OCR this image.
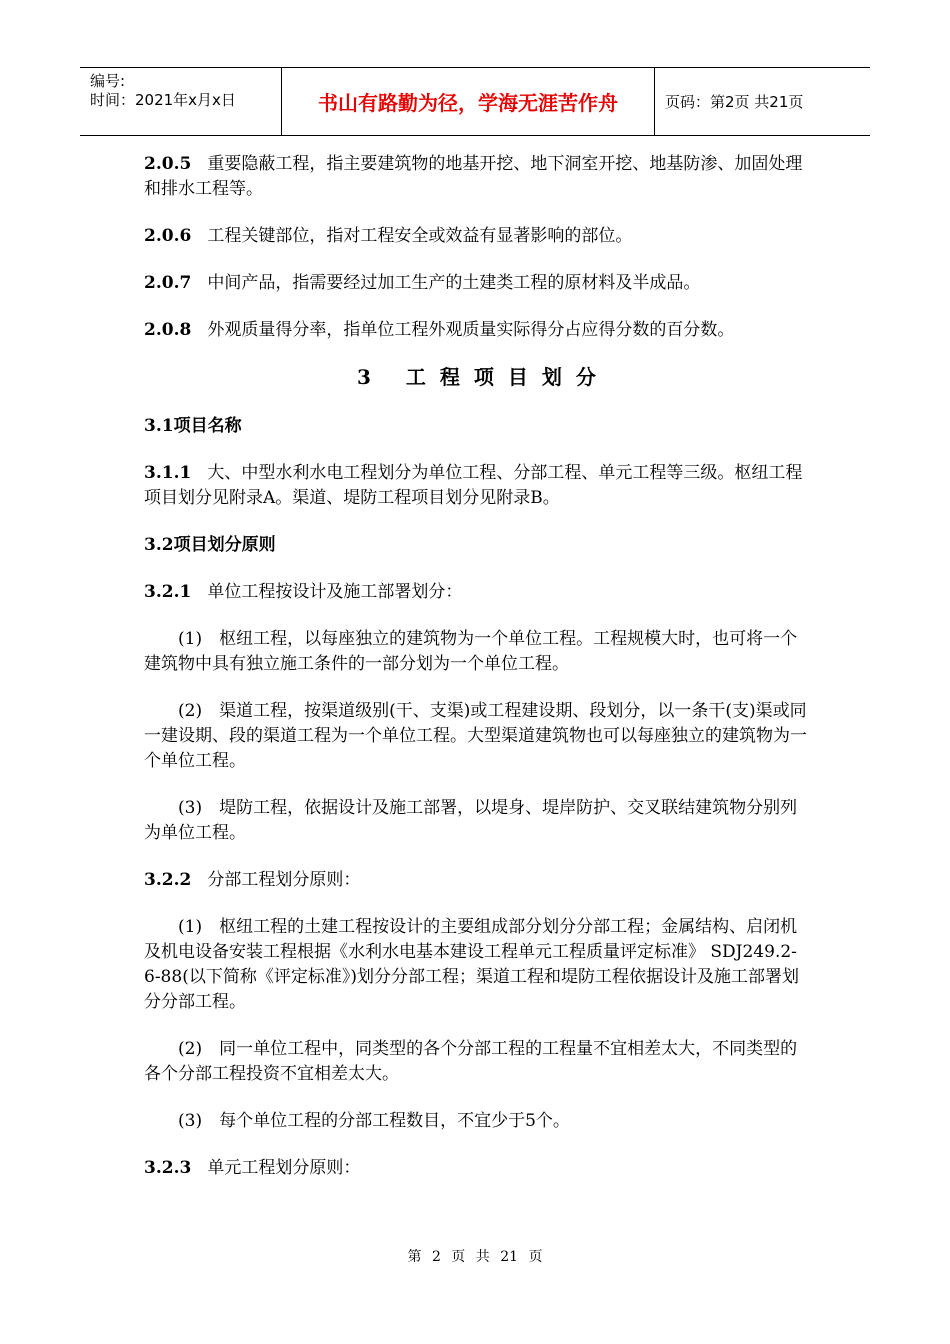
编号:
时间：2021年x月x日	书山有路勤为径，学海无涯苦作舟	页码：第2页 共21页

2.0.5 重要隐蔽工程，指主要建筑物的地基开挖、地下洞室开挖、地基防渗、加固处理和排水工程等。

2.0.6 工程关键部位，指对工程安全或效益有显著影响的部位。

2.0.7 中间产品，指需要经过加工生产的土建类工程的原材料及半成品。

2.0.8 外观质量得分率，指单位工程外观质量实际得分占应得分数的百分数。

3 工程项目划分
3.1项目名称

3.1.1 大、中型水利水电工程划分为单位工程、分部工程、单元工程等三级。枢纽工程项目划分见附录A。渠道、堤防工程项目划分见附录B。

3.2项目划分原则

3.2.1 单位工程按设计及施工部署划分：

(1)　枢纽工程，以每座独立的建筑物为一个单位工程。工程规模大时，也可将一个建筑物中具有独立施工条件的一部分划为一个单位工程。

(2)　渠道工程，按渠道级别(干、支渠)或工程建设期、段划分，以一条干(支)渠或同一建设期、段的渠道工程为一个单位工程。大型渠道建筑物也可以每座独立的建筑物为一个单位工程。

(3)　堤防工程，依据设计及施工部署，以堤身、堤岸防护、交叉联结建筑物分别列为单位工程。

3.2.2 分部工程划分原则：

(1)　枢纽工程的土建工程按设计的主要组成部分划分分部工程；金属结构、启闭机及机电设备安装工程根据《水利水电基本建设工程单元工程质量评定标准》 SDJ249.2-6-88(以下简称《评定标准》)划分分部工程；渠道工程和堤防工程依据设计及施工部署划分分部工程。

(2)　同一单位工程中，同类型的各个分部工程的工程量不宜相差太大，不同类型的各个分部工程投资不宜相差太大。

(3)　每个单位工程的分部工程数目，不宜少于5个。

3.2.3 单元工程划分原则：

第 2 页 共 21 页
